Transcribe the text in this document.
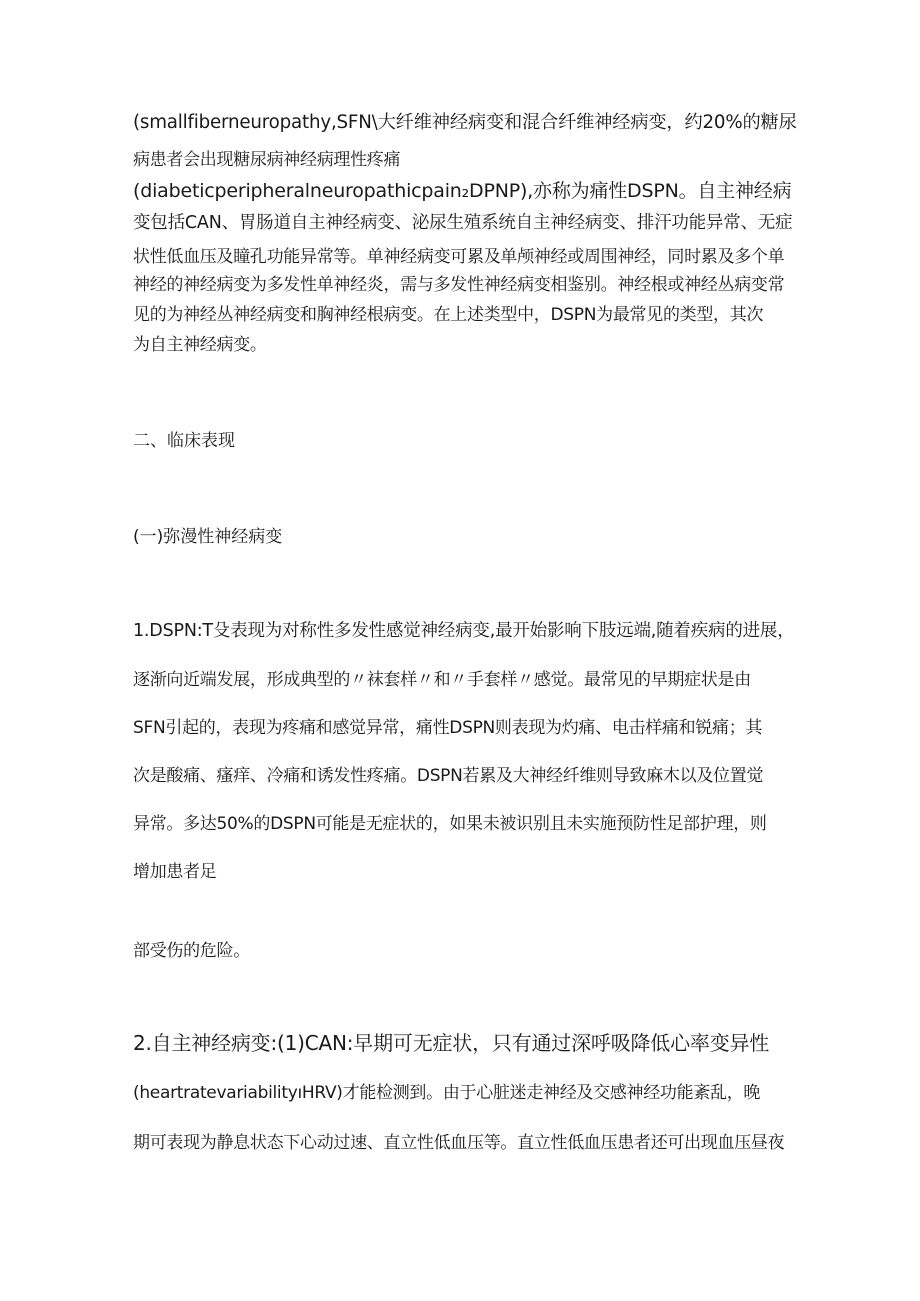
(smallfiberneuropathy,SFN\大纤维神经病变和混合纤维神经病变，约20%的糖尿
病患者会出现糖尿病神经病理性疼痛
(diabeticperipheralneuropathicpain₂DPNP),亦称为痛性DSPN。自主神经病
变包括CAN、胃肠道自主神经病变、泌尿生殖系统自主神经病变、排汗功能异常、无症
状性低血压及瞳孔功能异常等。单神经病变可累及单颅神经或周围神经，同时累及多个单
神经的神经病变为多发性单神经炎，需与多发性神经病变相鉴别。神经根或神经丛病变常
见的为神经丛神经病变和胸神经根病变。在上述类型中，DSPN为最常见的类型，其次
为自主神经病变。
二、临床表现
(一)弥漫性神经病变
1.DSPN:T殳表现为对称性多发性感觉神经病变,最开始影响下肢远端,随着疾病的进展，
逐渐向近端发展，形成典型的〃袜套样〃和〃手套样〃感觉。最常见的早期症状是由
SFN引起的，表现为疼痛和感觉异常，痛性DSPN则表现为灼痛、电击样痛和锐痛；其
次是酸痛、瘙痒、冷痛和诱发性疼痛。DSPN若累及大神经纤维则导致麻木以及位置觉
异常。多达50%的DSPN可能是无症状的，如果未被识别且未实施预防性足部护理，则
增加患者足
部受伤的危险。
2.自主神经病变:(1)CAN:早期可无症状，只有通过深呼吸降低心率变异性
(heartratevariabilityıHRV)才能检测到。由于心脏迷走神经及交感神经功能紊乱，晚
期可表现为静息状态下心动过速、直立性低血压等。直立性低血压患者还可出现血压昼夜
